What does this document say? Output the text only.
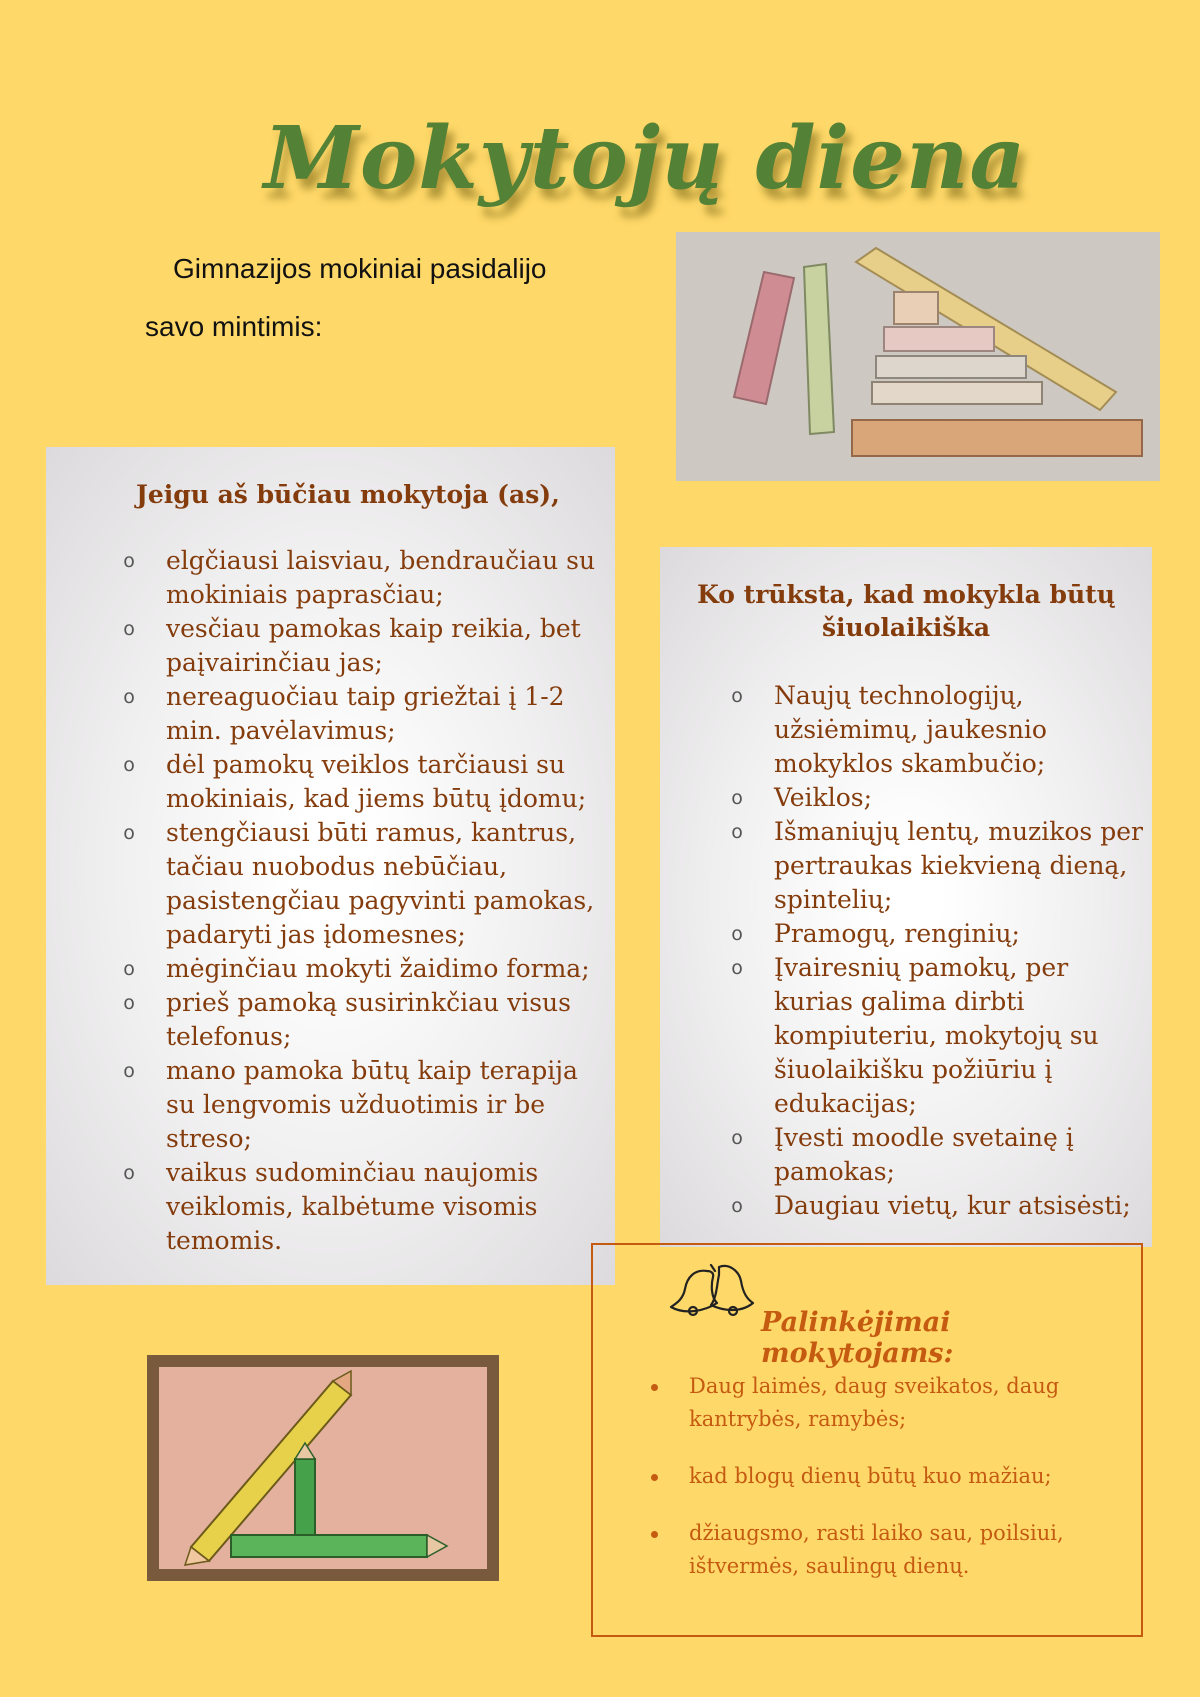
Mokytojų diena
Gimnazijos mokiniai pasidalijo
savo mintimis:
Jeigu aš būčiau mokytoja (as),
o	elgčiausi laisviau, bendraučiau su mokiniais paprasčiau;
o	vesčiau pamokas kaip reikia, bet paįvairinčiau jas;
o	nereaguočiau taip griežtai į 1-2 min. pavėlavimus;
o	dėl pamokų veiklos tarčiausi su mokiniais, kad jiems būtų įdomu;
o	stengčiausi būti ramus, kantrus, tačiau nuobodus nebūčiau, pasistengčiau pagyvinti pamokas, padaryti jas įdomesnes;
o	mėginčiau mokyti žaidimo forma;
o	prieš pamoką susirinkčiau visus telefonus;
o	mano pamoka būtų kaip terapija su lengvomis užduotimis ir be streso;
o	vaikus sudominčiau naujomis veiklomis, kalbėtume visomis temomis.
Ko trūksta, kad mokykla būtų šiuolaikiška
o	Naujų technologijų, užsiėmimų, jaukesnio mokyklos skambučio;
o	Veiklos;
o	Išmaniųjų lentų, muzikos per pertraukas kiekvieną dieną, spintelių;
o	Pramogų, renginių;
o	Įvairesnių pamokų, per kurias galima dirbti kompiuteriu, mokytojų su šiuolaikišku požiūriu į edukacijas;
o	Įvesti moodle svetainę į pamokas;
o	Daugiau vietų, kur atsisėsti;
Palinkėjimai mokytojams:
Daug laimės, daug sveikatos, daug kantrybės, ramybės;
kad blogų dienų būtų kuo mažiau;
džiaugsmo, rasti laiko sau, poilsiui, ištvermės, saulingų dienų.
